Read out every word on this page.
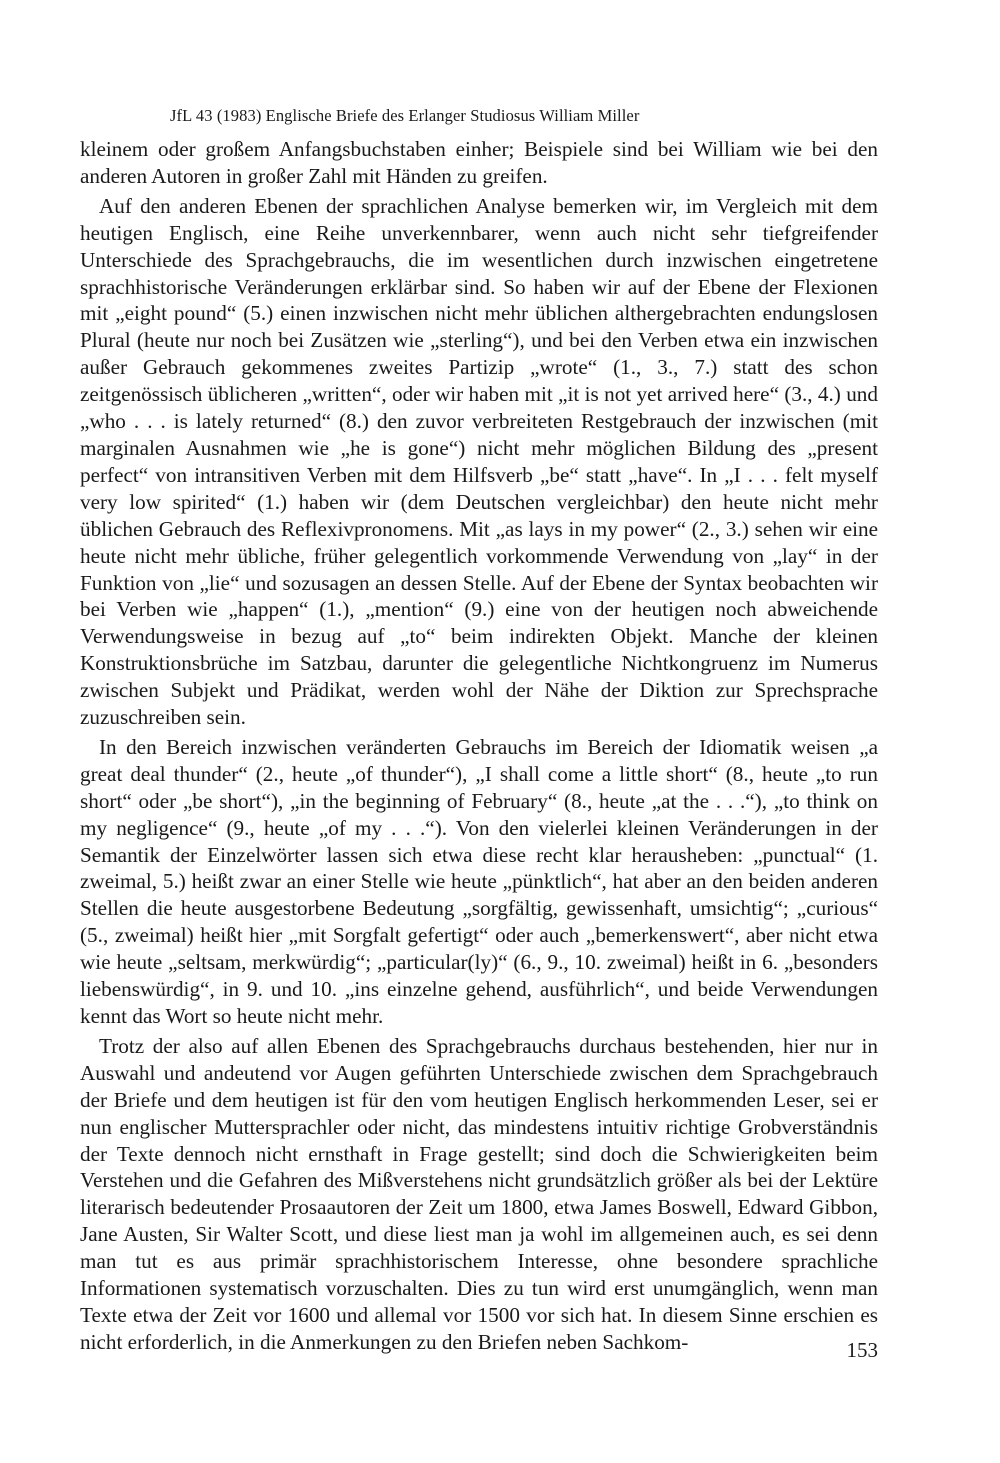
JfL 43 (1983) Englische Briefe des Erlanger Studiosus William Miller

kleinem oder großem Anfangsbuchstaben einher; Beispiele sind bei William wie bei den anderen Autoren in großer Zahl mit Händen zu greifen.

Auf den anderen Ebenen der sprachlichen Analyse bemerken wir, im Vergleich mit dem heutigen Englisch, eine Reihe unverkennbarer, wenn auch nicht sehr tiefgreifender Unterschiede des Sprachgebrauchs, die im wesentlichen durch inzwischen eingetretene sprachhistorische Veränderungen erklärbar sind. So haben wir auf der Ebene der Flexionen mit „eight pound“ (5.) einen inzwischen nicht mehr üblichen althergebrachten endungslosen Plural (heute nur noch bei Zusätzen wie „sterling“), und bei den Verben etwa ein inzwischen außer Gebrauch gekommenes zweites Partizip „wrote“ (1., 3., 7.) statt des schon zeitgenössisch üblicheren „written“, oder wir haben mit „it is not yet arrived here“ (3., 4.) und „who . . . is lately returned“ (8.) den zuvor verbreiteten Restgebrauch der inzwischen (mit marginalen Ausnahmen wie „he is gone“) nicht mehr möglichen Bildung des „present perfect“ von intransitiven Verben mit dem Hilfsverb „be“ statt „have“. In „I . . . felt myself very low spirited“ (1.) haben wir (dem Deutschen vergleichbar) den heute nicht mehr üblichen Gebrauch des Reflexivpronomens. Mit „as lays in my power“ (2., 3.) sehen wir eine heute nicht mehr übliche, früher gelegentlich vorkommende Verwendung von „lay“ in der Funktion von „lie“ und sozusagen an dessen Stelle. Auf der Ebene der Syntax beobachten wir bei Verben wie „happen“ (1.), „mention“ (9.) eine von der heutigen noch abweichende Verwendungsweise in bezug auf „to“ beim indirekten Objekt. Manche der kleinen Konstruktionsbrüche im Satzbau, darunter die gelegentliche Nichtkongruenz im Numerus zwischen Subjekt und Prädikat, werden wohl der Nähe der Diktion zur Sprechsprache zuzuschreiben sein.

In den Bereich inzwischen veränderten Gebrauchs im Bereich der Idiomatik weisen „a great deal thunder“ (2., heute „of thunder“), „I shall come a little short“ (8., heute „to run short“ oder „be short“), „in the beginning of February“ (8., heute „at the . . .“), „to think on my negligence“ (9., heute „of my . . .“). Von den vielerlei kleinen Veränderungen in der Semantik der Einzelwörter lassen sich etwa diese recht klar herausheben: „punctual“ (1. zweimal, 5.) heißt zwar an einer Stelle wie heute „pünktlich“, hat aber an den beiden anderen Stellen die heute ausgestorbene Bedeutung „sorgfältig, gewissenhaft, umsichtig“; „curious“ (5., zweimal) heißt hier „mit Sorgfalt gefertigt“ oder auch „bemerkenswert“, aber nicht etwa wie heute „seltsam, merkwürdig“; „particular(ly)“ (6., 9., 10. zweimal) heißt in 6. „besonders liebenswürdig“, in 9. und 10. „ins einzelne gehend, ausführlich“, und beide Verwendungen kennt das Wort so heute nicht mehr.

Trotz der also auf allen Ebenen des Sprachgebrauchs durchaus bestehenden, hier nur in Auswahl und andeutend vor Augen geführten Unterschiede zwischen dem Sprachgebrauch der Briefe und dem heutigen ist für den vom heutigen Englisch herkommenden Leser, sei er nun englischer Muttersprachler oder nicht, das mindestens intuitiv richtige Grobverständnis der Texte dennoch nicht ernsthaft in Frage gestellt; sind doch die Schwierigkeiten beim Verstehen und die Gefahren des Mißverstehens nicht grundsätzlich größer als bei der Lektüre literarisch bedeutender Prosaautoren der Zeit um 1800, etwa James Boswell, Edward Gibbon, Jane Austen, Sir Walter Scott, und diese liest man ja wohl im allgemeinen auch, es sei denn man tut es aus primär sprachhistorischem Interesse, ohne besondere sprachliche Informationen systematisch vorzuschalten. Dies zu tun wird erst unumgänglich, wenn man Texte etwa der Zeit vor 1600 und allemal vor 1500 vor sich hat. In diesem Sinne erschien es nicht erforderlich, in die Anmerkungen zu den Briefen neben Sachkom-	153
